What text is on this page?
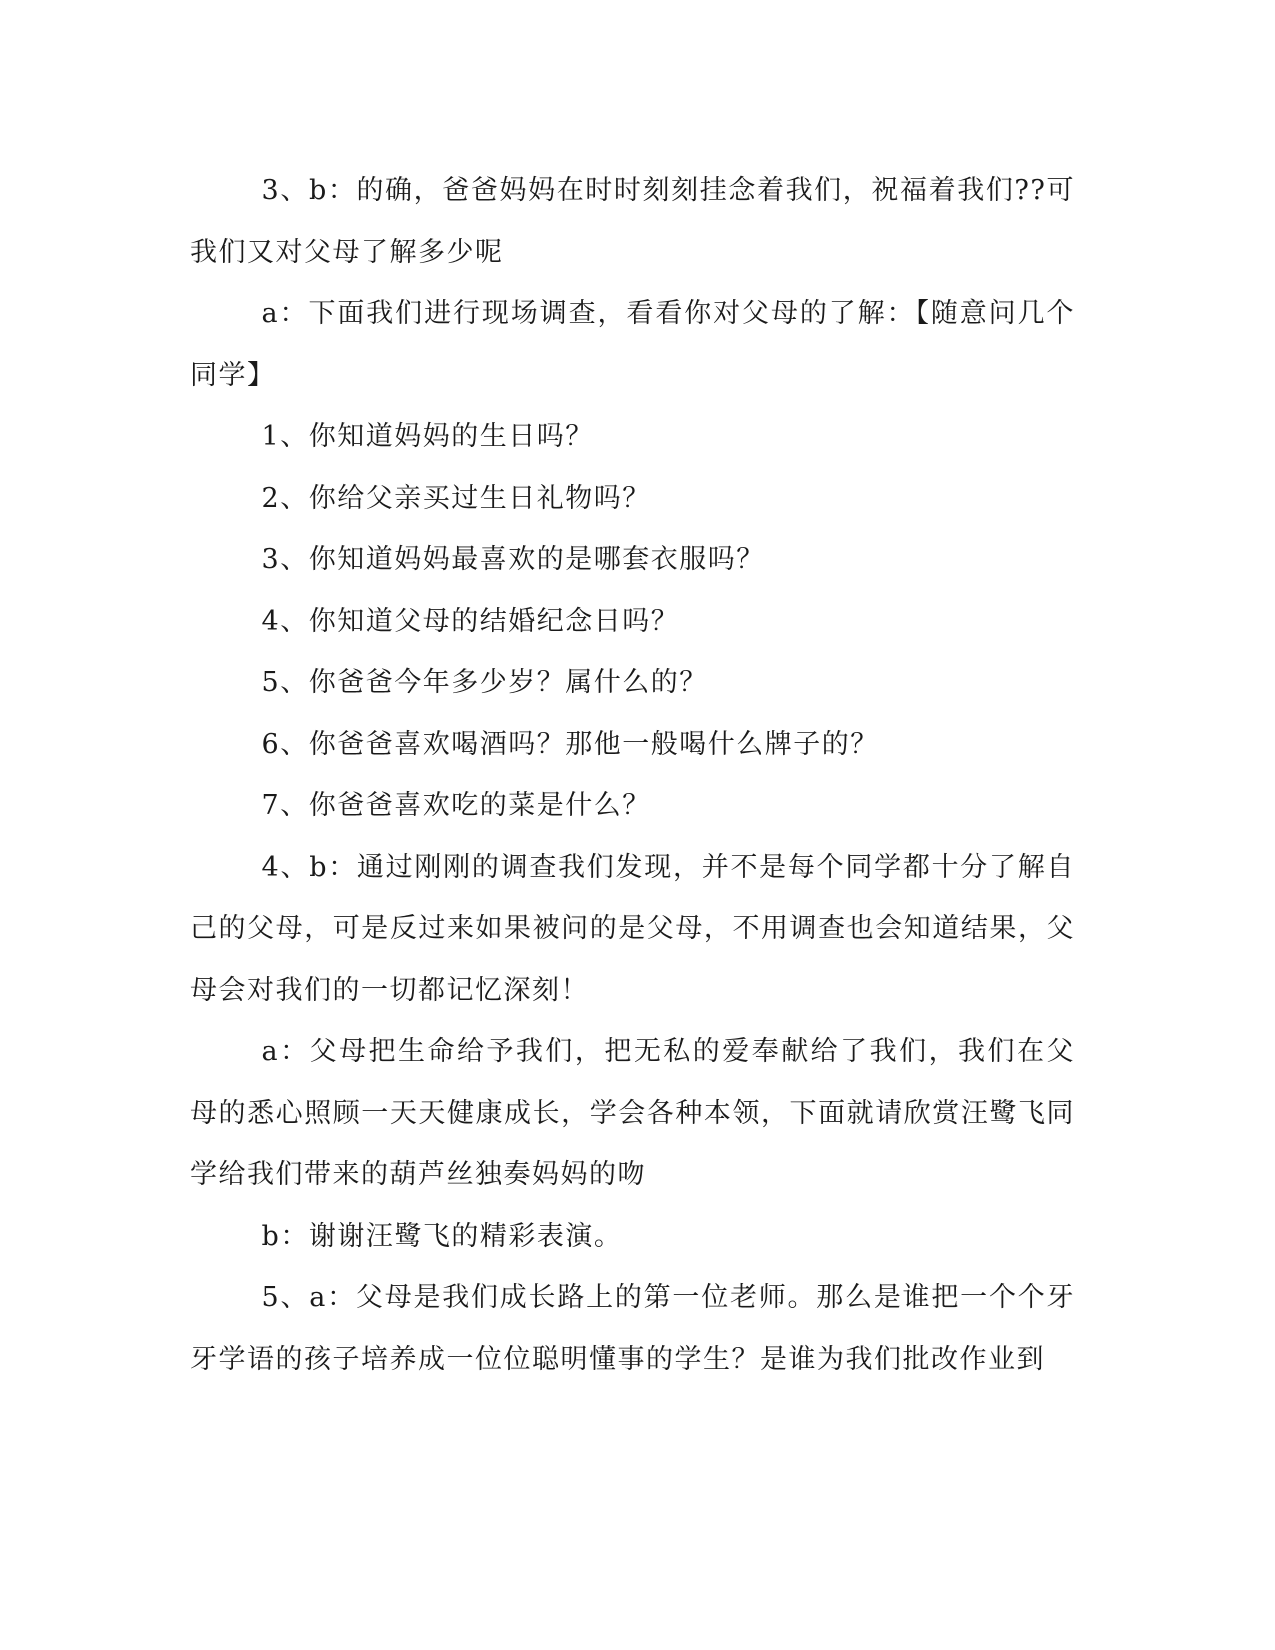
3、b：的确，爸爸妈妈在时时刻刻挂念着我们，祝福着我们??可我们又对父母了解多少呢

a：下面我们进行现场调查，看看你对父母的了解：【随意问几个同学】

1、你知道妈妈的生日吗？

2、你给父亲买过生日礼物吗？

3、你知道妈妈最喜欢的是哪套衣服吗？

4、你知道父母的结婚纪念日吗？

5、你爸爸今年多少岁？属什么的？

6、你爸爸喜欢喝酒吗？那他一般喝什么牌子的？

7、你爸爸喜欢吃的菜是什么？

4、b：通过刚刚的调查我们发现，并不是每个同学都十分了解自己的父母，可是反过来如果被问的是父母，不用调查也会知道结果，父母会对我们的一切都记忆深刻！

a：父母把生命给予我们，把无私的爱奉献给了我们，我们在父母的悉心照顾一天天健康成长，学会各种本领，下面就请欣赏汪鹭飞同学给我们带来的葫芦丝独奏妈妈的吻

b：谢谢汪鹭飞的精彩表演。

5、a：父母是我们成长路上的第一位老师。那么是谁把一个个牙牙学语的孩子培养成一位位聪明懂事的学生？是谁为我们批改作业到
